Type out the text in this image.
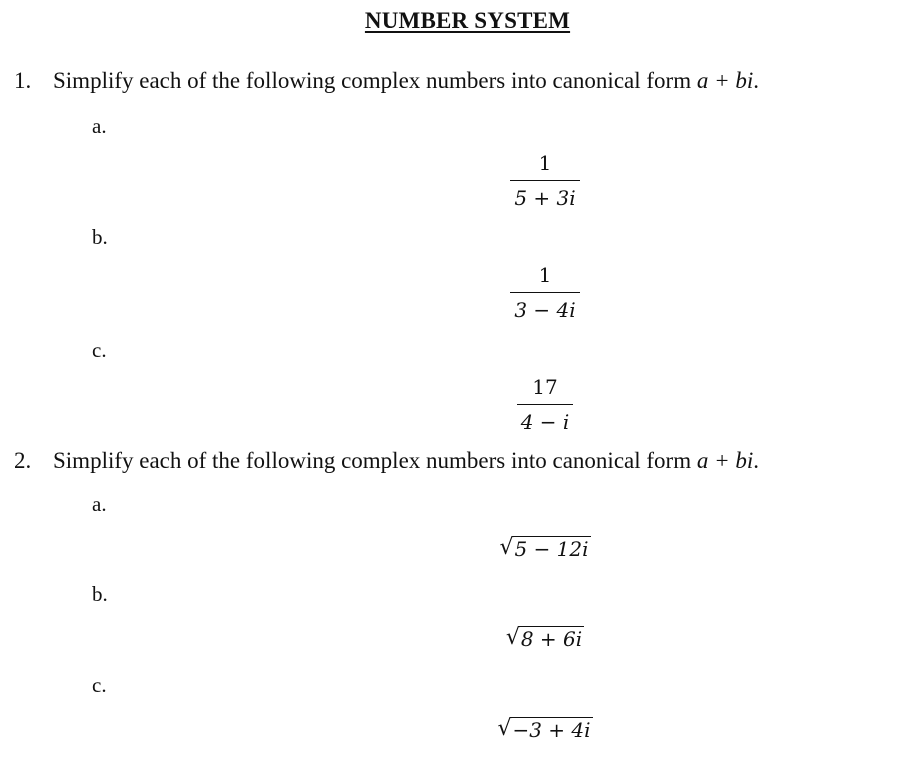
NUMBER SYSTEM
1. Simplify each of the following complex numbers into canonical form a + bi.
a.
$\frac{1}{5 + 3i}$
b.
$\frac{1}{3 - 4i}$
c.
$\frac{17}{4 - i}$
2. Simplify each of the following complex numbers into canonical form a + bi.
a.
√ 5 − 12i
b.
√ 8 + 6i
c.
√ −3 + 4i
